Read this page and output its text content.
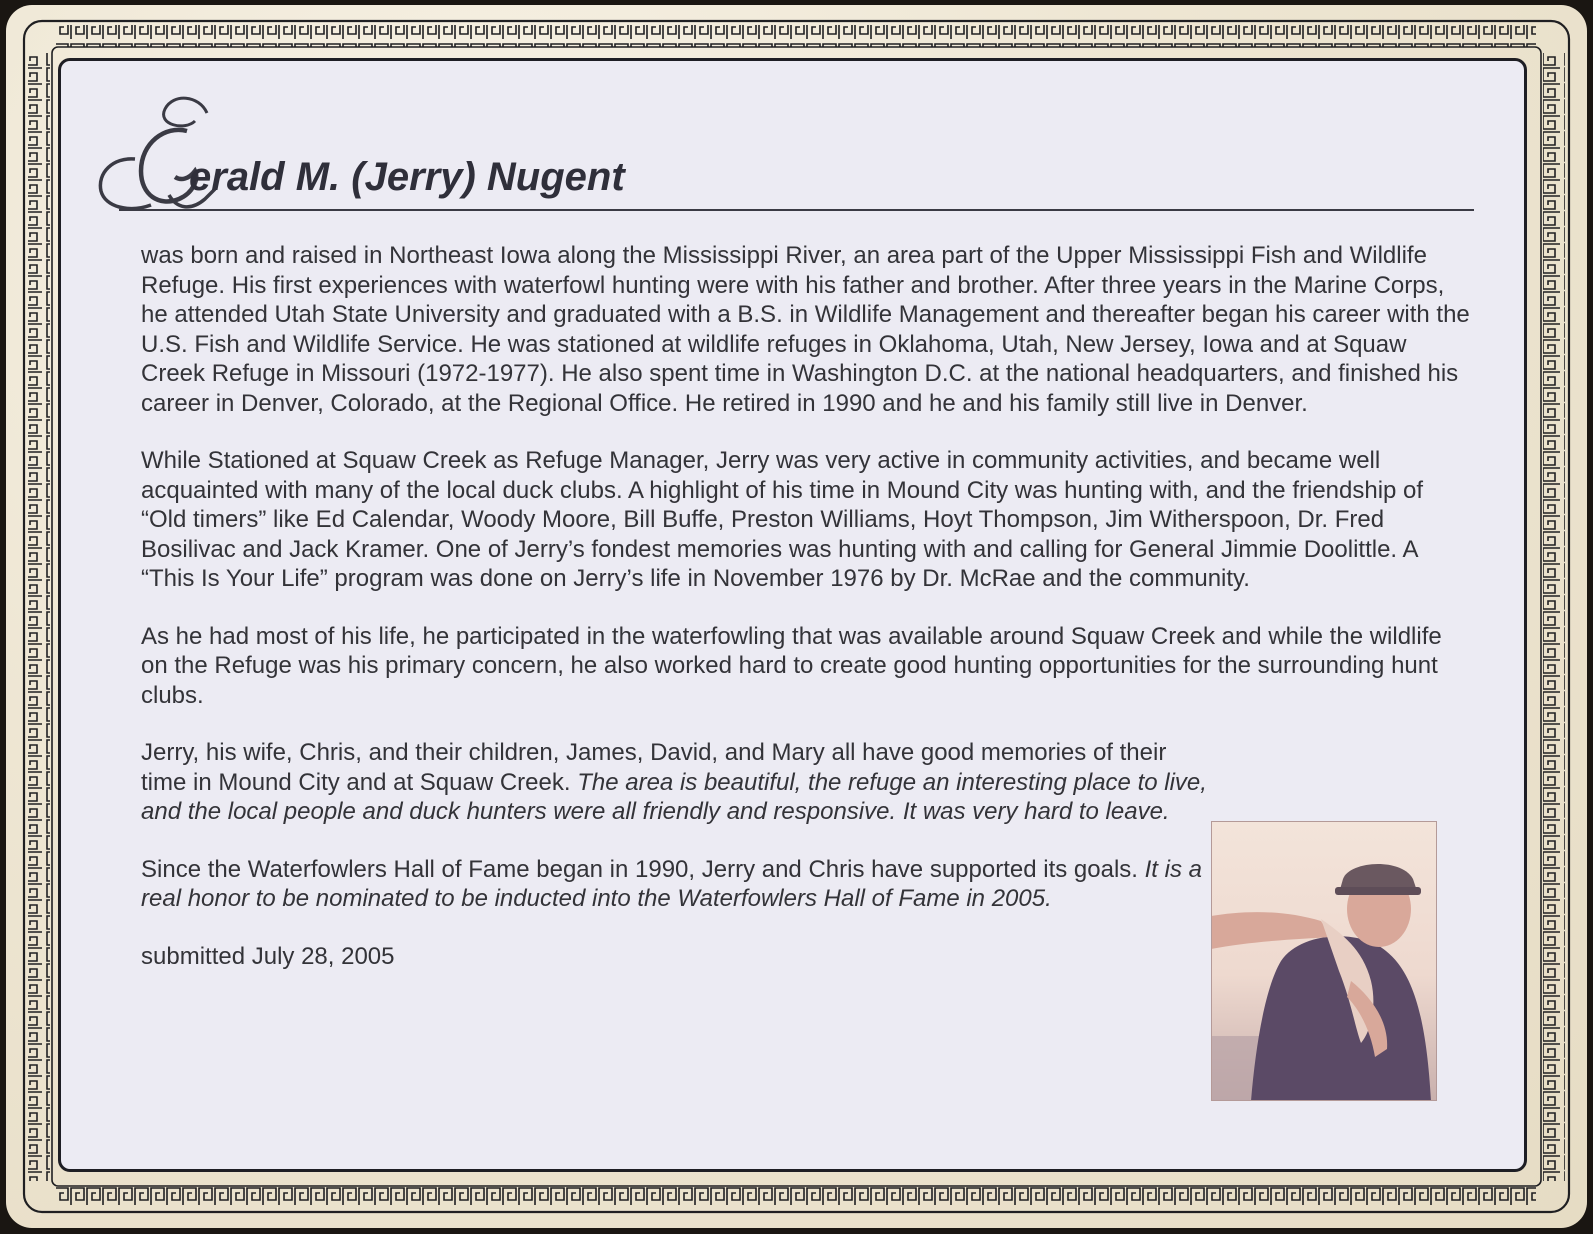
erald M. (Jerry) Nugent

was born and raised in Northeast Iowa along the Mississippi River, an area part of the Upper Mississippi Fish and Wildlife Refuge. His first experiences with waterfowl hunting were with his father and brother. After three years in the Marine Corps, he attended Utah State University and graduated with a B.S. in Wildlife Management and thereafter began his career with the U.S. Fish and Wildlife Service. He was stationed at wildlife refuges in Oklahoma, Utah, New Jersey, Iowa and at Squaw Creek Refuge in Missouri (1972-1977). He also spent time in Washington D.C. at the national headquarters, and finished his career in Denver, Colorado, at the Regional Office. He retired in 1990 and he and his family still live in Denver.

While Stationed at Squaw Creek as Refuge Manager, Jerry was very active in community activities, and became well acquainted with many of the local duck clubs. A highlight of his time in Mound City was hunting with, and the friendship of “Old timers” like Ed Calendar, Woody Moore, Bill Buffe, Preston Williams, Hoyt Thompson, Jim Witherspoon, Dr. Fred Bosilivac and Jack Kramer. One of Jerry’s fondest memories was hunting with and calling for General Jimmie Doolittle. A “This Is Your Life” program was done on Jerry’s life in November 1976 by Dr. McRae and the community.

As he had most of his life, he participated in the waterfowling that was available around Squaw Creek and while the wildlife on the Refuge was his primary concern, he also worked hard to create good hunting opportunities for the surrounding hunt clubs.

Jerry, his wife, Chris, and their children, James, David, and Mary all have good memories of their time in Mound City and at Squaw Creek. The area is beautiful, the refuge an interesting place to live, and the local people and duck hunters were all friendly and responsive. It was very hard to leave.

Since the Waterfowlers Hall of Fame began in 1990, Jerry and Chris have supported its goals. It is a real honor to be nominated to be inducted into the Waterfowlers Hall of Fame in 2005.

submitted July 28, 2005
